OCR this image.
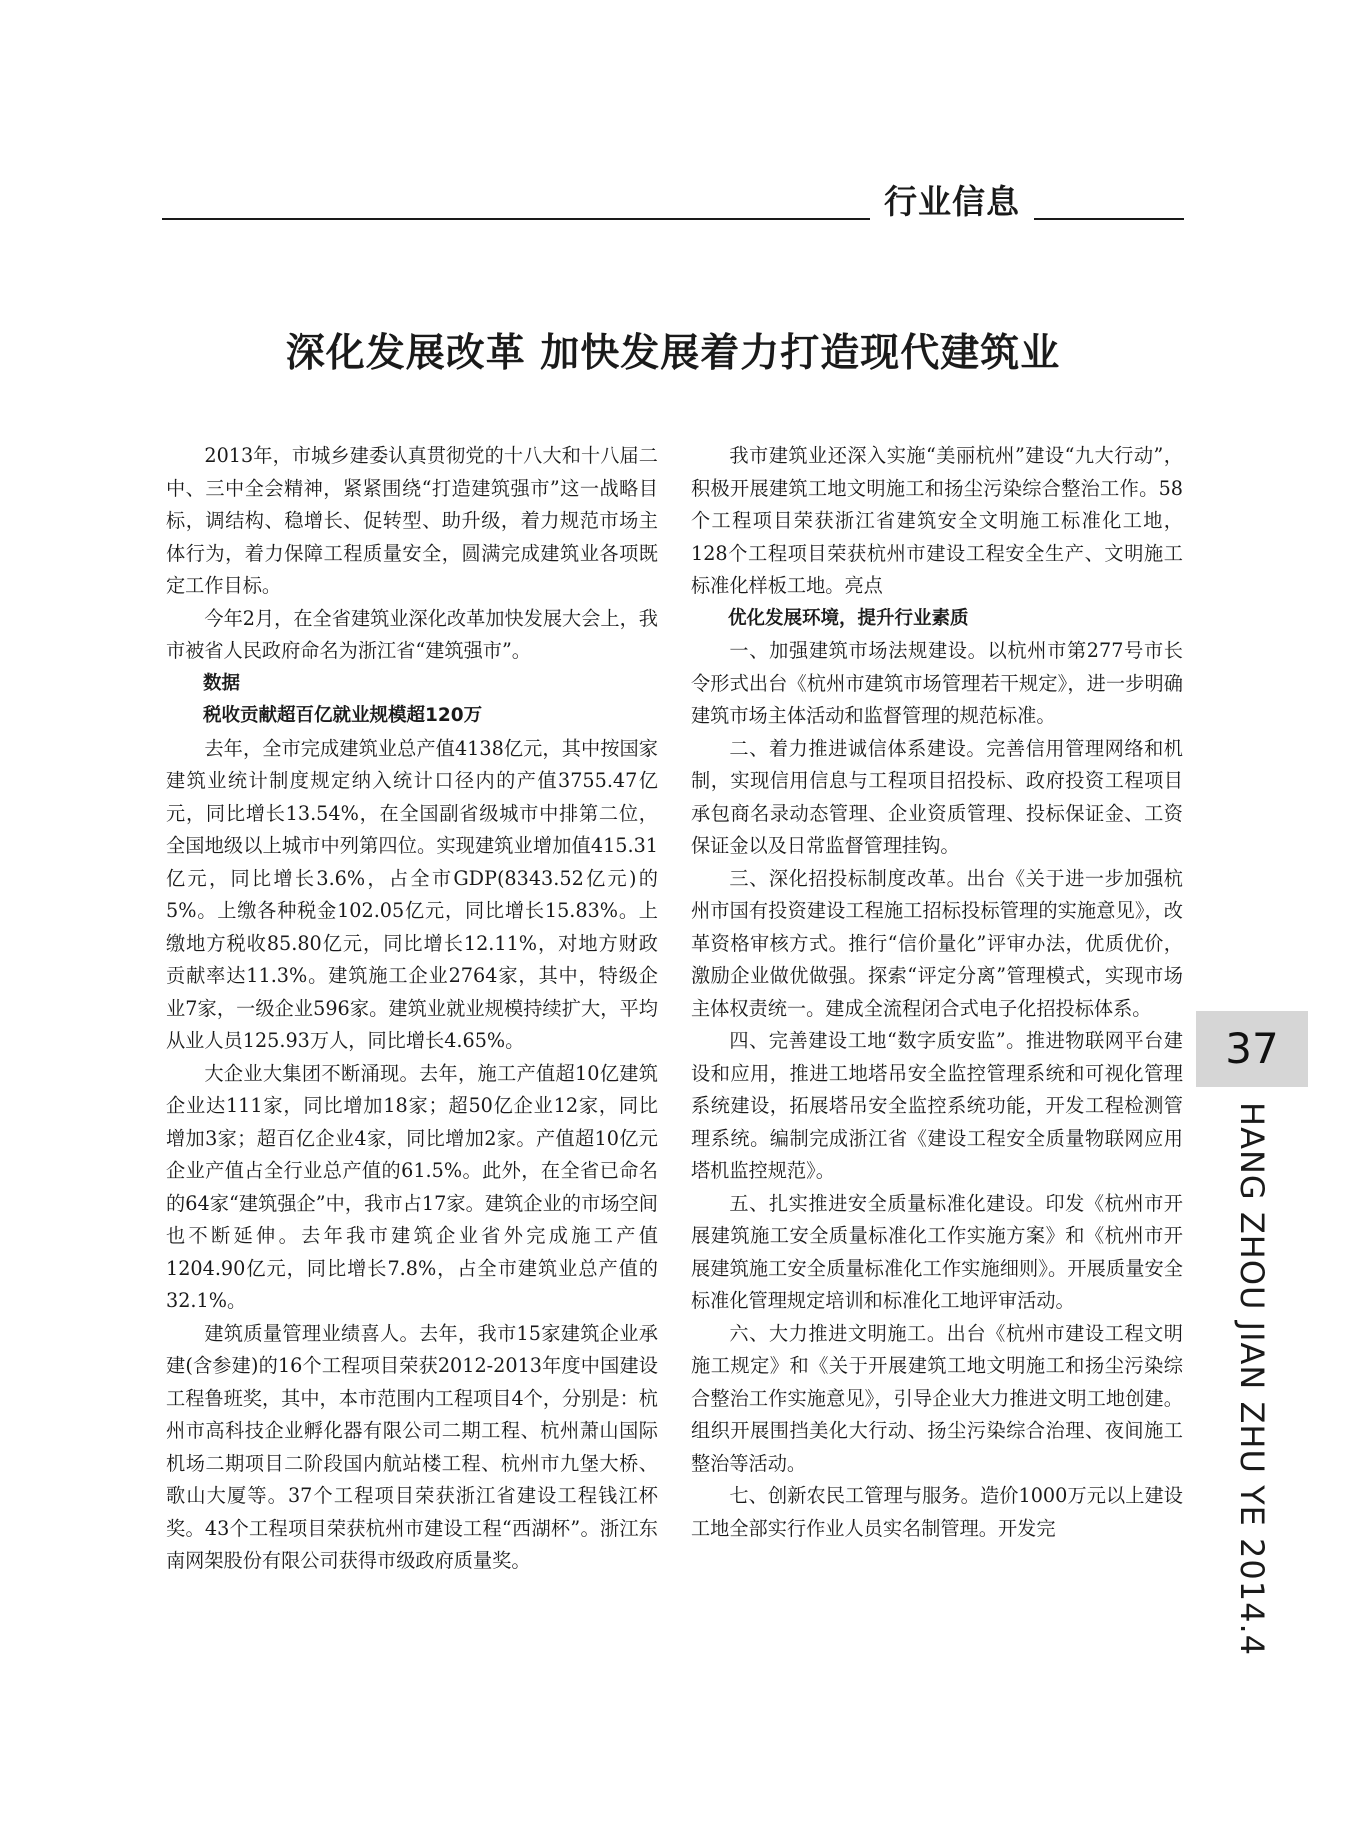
行业信息
深化发展改革 加快发展着力打造现代建筑业

2013年，市城乡建委认真贯彻党的十八大和十八届二中、三中全会精神，紧紧围绕“打造建筑强市”这一战略目标，调结构、稳增长、促转型、助升级，着力规范市场主体行为，着力保障工程质量安全，圆满完成建筑业各项既定工作目标。

今年2月，在全省建筑业深化改革加快发展大会上，我市被省人民政府命名为浙江省“建筑强市”。

数据

税收贡献超百亿就业规模超120万

去年，全市完成建筑业总产值4138亿元，其中按国家建筑业统计制度规定纳入统计口径内的产值3755.47亿元，同比增长13.54%，在全国副省级城市中排第二位，全国地级以上城市中列第四位。实现建筑业增加值415.31亿元，同比增长3.6%，占全市GDP(8343.52亿元)的5%。上缴各种税金102.05亿元，同比增长15.83%。上缴地方税收85.80亿元，同比增长12.11%，对地方财政贡献率达11.3%。建筑施工企业2764家，其中，特级企业7家，一级企业596家。建筑业就业规模持续扩大，平均从业人员125.93万人，同比增长4.65%。

大企业大集团不断涌现。去年，施工产值超10亿建筑企业达111家，同比增加18家；超50亿企业12家，同比增加3家；超百亿企业4家，同比增加2家。产值超10亿元企业产值占全行业总产值的61.5%。此外，在全省已命名的64家“建筑强企”中，我市占17家。建筑企业的市场空间也不断延伸。去年我市建筑企业省外完成施工产值1204.90亿元，同比增长7.8%，占全市建筑业总产值的32.1%。

建筑质量管理业绩喜人。去年，我市15家建筑企业承建(含参建)的16个工程项目荣获2012-2013年度中国建设工程鲁班奖，其中，本市范围内工程项目4个，分别是：杭州市高科技企业孵化器有限公司二期工程、杭州萧山国际机场二期项目二阶段国内航站楼工程、杭州市九堡大桥、歌山大厦等。37个工程项目荣获浙江省建设工程钱江杯奖。43个工程项目荣获杭州市建设工程“西湖杯”。浙江东南网架股份有限公司获得市级政府质量奖。

我市建筑业还深入实施“美丽杭州”建设“九大行动”，积极开展建筑工地文明施工和扬尘污染综合整治工作。58个工程项目荣获浙江省建筑安全文明施工标准化工地，128个工程项目荣获杭州市建设工程安全生产、文明施工标准化样板工地。亮点

优化发展环境，提升行业素质

一、加强建筑市场法规建设。以杭州市第277号市长令形式出台《杭州市建筑市场管理若干规定》，进一步明确建筑市场主体活动和监督管理的规范标准。

二、着力推进诚信体系建设。完善信用管理网络和机制，实现信用信息与工程项目招投标、政府投资工程项目承包商名录动态管理、企业资质管理、投标保证金、工资保证金以及日常监督管理挂钩。

三、深化招投标制度改革。出台《关于进一步加强杭州市国有投资建设工程施工招标投标管理的实施意见》，改革资格审核方式。推行“信价量化”评审办法，优质优价，激励企业做优做强。探索“评定分离”管理模式，实现市场主体权责统一。建成全流程闭合式电子化招投标体系。

四、完善建设工地“数字质安监”。推进物联网平台建设和应用，推进工地塔吊安全监控管理系统和可视化管理系统建设，拓展塔吊安全监控系统功能，开发工程检测管理系统。编制完成浙江省《建设工程安全质量物联网应用塔机监控规范》。

五、扎实推进安全质量标准化建设。印发《杭州市开展建筑施工安全质量标准化工作实施方案》和《杭州市开展建筑施工安全质量标准化工作实施细则》。开展质量安全标准化管理规定培训和标准化工地评审活动。

六、大力推进文明施工。出台《杭州市建设工程文明施工规定》和《关于开展建筑工地文明施工和扬尘污染综合整治工作实施意见》，引导企业大力推进文明工地创建。组织开展围挡美化大行动、扬尘污染综合治理、夜间施工整治等活动。

七、创新农民工管理与服务。造价1000万元以上建设工地全部实行作业人员实名制管理。开发完

37
HANG ZHOU JIAN ZHU YE 2014.4
